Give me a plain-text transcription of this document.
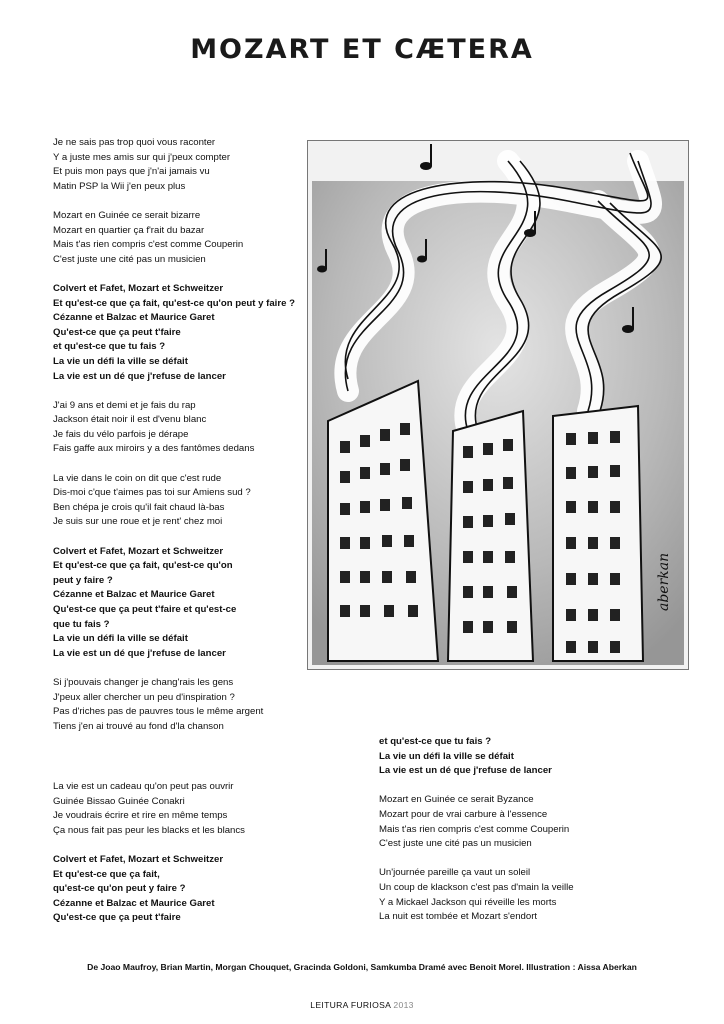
MOZART ET CÆTERA

Je ne sais pas trop quoi vous raconter
Y a juste mes amis sur qui j'peux compter
Et puis mon pays que j'n'ai jamais vu
Matin PSP la Wii j'en peux plus

Mozart en Guinée ce serait bizarre
Mozart en quartier ça f'rait du bazar
Mais t'as rien compris c'est comme Couperin
C'est juste une cité pas un musicien

Colvert et Fafet, Mozart et Schweitzer
Et qu'est-ce que ça fait, qu'est-ce qu'on peut y faire ?
Cézanne et Balzac et Maurice Garet
Qu'est-ce que ça peut t'faire
et qu'est-ce que tu fais ?
La vie un défi la ville se défait
La vie est un dé que j'refuse de lancer

J'ai 9 ans et demi et je fais du rap
Jackson était noir il est d'venu blanc
Je fais du vélo parfois je dérape
Fais gaffe aux miroirs y a des fantômes dedans

La vie dans le coin on dit que c'est rude
Dis-moi c'que t'aimes pas toi sur Amiens sud ?
Ben chépa je crois qu'il fait chaud là-bas
Je suis sur une roue et je rent' chez moi

Colvert et Fafet, Mozart et Schweitzer
Et qu'est-ce que ça fait, qu'est-ce qu'on
peut y faire ?
Cézanne et Balzac et Maurice Garet
Qu'est-ce que ça peut t'faire et qu'est-ce
que tu fais ?
La vie un défi la ville se défait
La vie est un dé que j'refuse de lancer

Si j'pouvais changer je chang'rais les gens
J'peux aller chercher un peu d'inspiration ?
Pas d'riches pas de pauvres tous le même argent
Tiens j'en ai trouvé au fond d'la chanson

La vie est un cadeau qu'on peut pas ouvrir
Guinée Bissao Guinée Conakri
Je voudrais écrire et rire en même temps
Ça nous fait pas peur les blacks et les blancs

Colvert et Fafet, Mozart et Schweitzer
Et qu'est-ce que ça fait,
qu'est-ce qu'on peut y faire ?
Cézanne et Balzac et Maurice Garet
Qu'est-ce que ça peut t'faire

et qu'est-ce que tu fais ?
La vie un défi la ville se défait
La vie est un dé que j'refuse de lancer

Mozart en Guinée ce serait Byzance
Mozart pour de vrai carbure à l'essence
Mais t'as rien compris c'est comme Couperin
C'est juste une cité pas un musicien

Un'journée pareille ça vaut un soleil
Un coup de klackson c'est pas d'main la veille
Y a Mickael Jackson qui réveille les morts
La nuit est tombée et Mozart s'endort

aberkan
De Joao Maufroy, Brian Martin, Morgan Chouquet, Gracinda Goldoni, Samkumba Dramé avec Benoit Morel. Illustration : Aissa Aberkan
LEITURA FURIOSA 2013
